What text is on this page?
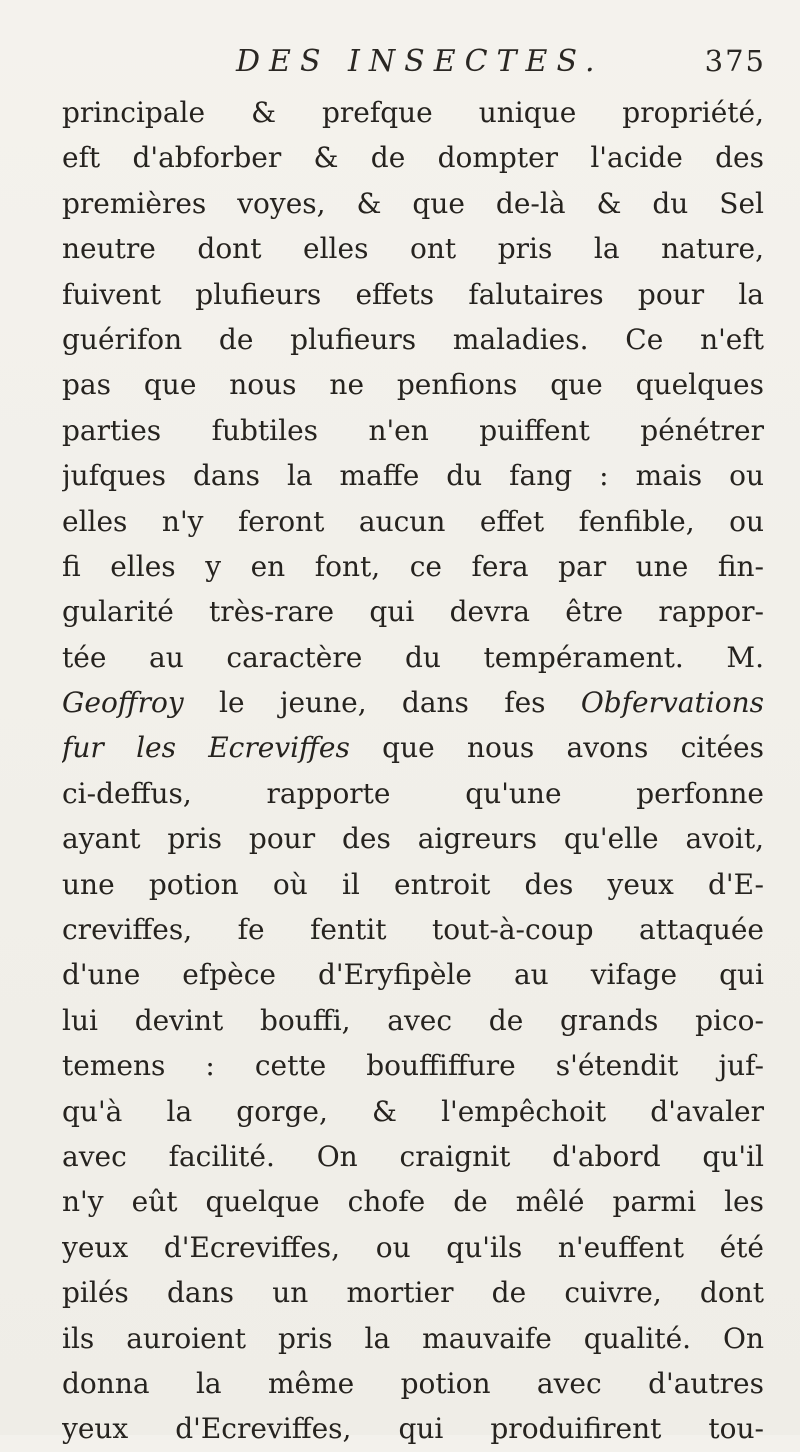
DES INSECTES.	375
principale & prefque unique propriété,
eft d'abforber & de dompter l'acide des
premières voyes, & que de-là & du Sel
neutre dont elles ont pris la nature,
fuivent plufieurs effets falutaires pour la
guérifon de plufieurs maladies. Ce n'eft
pas que nous ne penfions que quelques
parties fubtiles n'en puiffent pénétrer
jufques dans la maffe du fang : mais ou
elles n'y feront aucun effet fenfible, ou
fi elles y en font, ce fera par une fin-
gularité très-rare qui devra être rappor-
tée au caractère du tempérament. M.
Geoffroy le jeune, dans fes Obfervations
fur les Ecreviffes que nous avons citées
ci-deffus, rapporte qu'une perfonne
ayant pris pour des aigreurs qu'elle avoit,
une potion où il entroit des yeux d'E-
creviffes, fe fentit tout-à-coup attaquée
d'une efpèce d'Eryfipèle au vifage qui
lui devint bouffi, avec de grands pico-
temens : cette bouffiffure s'étendit juf-
qu'à la gorge, & l'empêchoit d'avaler
avec facilité. On craignit d'abord qu'il
n'y eût quelque chofe de mêlé parmi les
yeux d'Ecreviffes, ou qu'ils n'euffent été
pilés dans un mortier de cuivre, dont
ils auroient pris la mauvaife qualité. On
donna la même potion avec d'autres
yeux d'Ecreviffes, qui produifirent tou-
